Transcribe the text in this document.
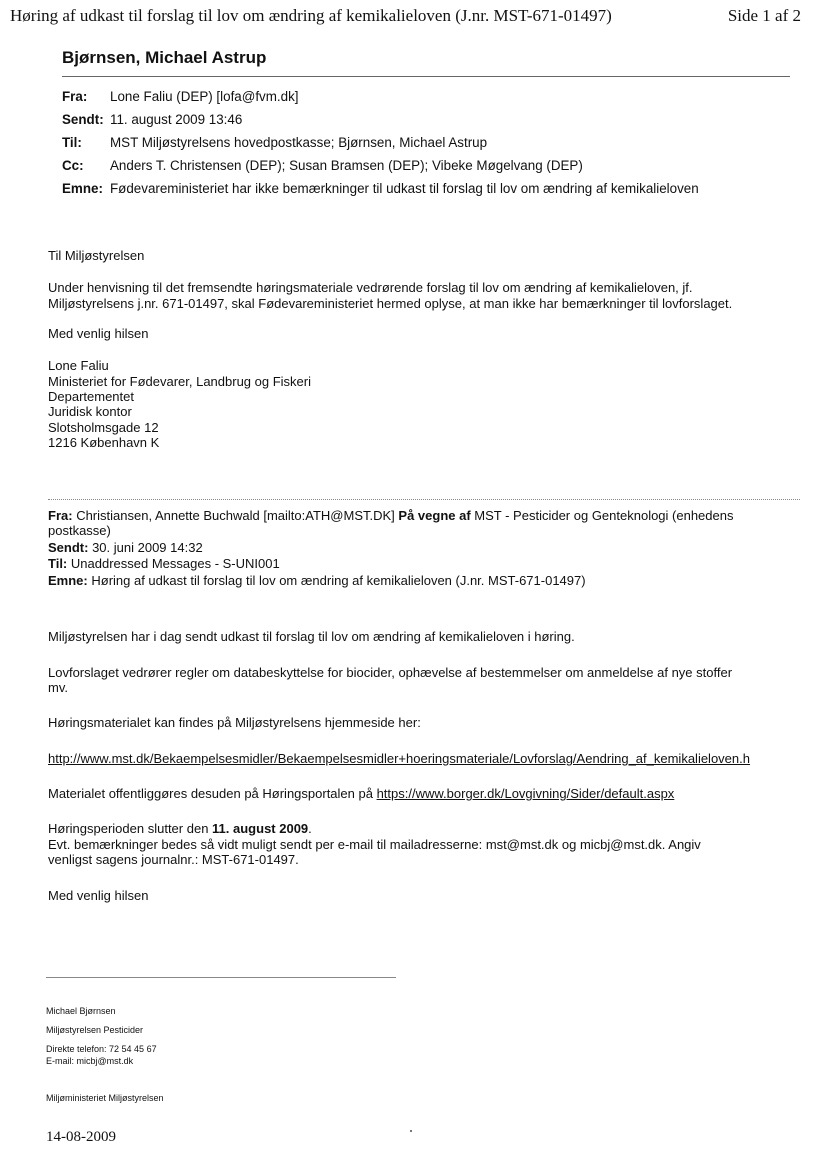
Høring af udkast til forslag til lov om ændring af kemikalieloven (J.nr. MST-671-01497)	Side 1 af 2
Bjørnsen, Michael Astrup
Fra: Lone Faliu (DEP) [lofa@fvm.dk]
Sendt: 11. august 2009 13:46
Til: MST Miljøstyrelsens hovedpostkasse; Bjørnsen, Michael Astrup
Cc: Anders T. Christensen (DEP); Susan Bramsen (DEP); Vibeke Møgelvang (DEP)
Emne: Fødevareministeriet har ikke bemærkninger til udkast til forslag til lov om ændring af kemikalieloven
Til Miljøstyrelsen
Under henvisning til det fremsendte høringsmateriale vedrørende forslag til lov om ændring af kemikalieloven, jf.
Miljøstyrelsens j.nr. 671-01497, skal Fødevareministeriet hermed oplyse, at man ikke har bemærkninger til lovforslaget.
Med venlig hilsen
Lone Faliu
Ministeriet for Fødevarer, Landbrug og Fiskeri
Departementet
Juridisk kontor
Slotsholmsgade 12
1216 København K
Fra: Christiansen, Annette Buchwald [mailto:ATH@MST.DK] På vegne af MST - Pesticider og Genteknologi (enhedens
postkasse)
Sendt: 30. juni 2009 14:32
Til: Unaddressed Messages - S-UNI001
Emne: Høring af udkast til forslag til lov om ændring af kemikalieloven (J.nr. MST-671-01497)
Miljøstyrelsen har i dag sendt udkast til forslag til lov om ændring af kemikalieloven i høring.
Lovforslaget vedrører regler om databeskyttelse for biocider, ophævelse af bestemmelser om anmeldelse af nye stoffer
mv.
Høringsmaterialet kan findes på Miljøstyrelsens hjemmeside her:
http://www.mst.dk/Bekaempelsesmidler/Bekaempelsesmidler+hoeringsmateriale/Lovforslag/Aendring_af_kemikalieloven.h
Materialet offentliggøres desuden på Høringsportalen på https://www.borger.dk/Lovgivning/Sider/default.aspx
Høringsperioden slutter den 11. august 2009.
Evt. bemærkninger bedes så vidt muligt sendt per e-mail til mailadresserne: mst@mst.dk og micbj@mst.dk. Angiv
venligst sagens journalnr.: MST-671-01497.
Med venlig hilsen
Michael Bjørnsen
Miljøstyrelsen Pesticider
Direkte telefon: 72 54 45 67
E-mail: micbj@mst.dk
Miljøministeriet Miljøstyrelsen
14-08-2009
